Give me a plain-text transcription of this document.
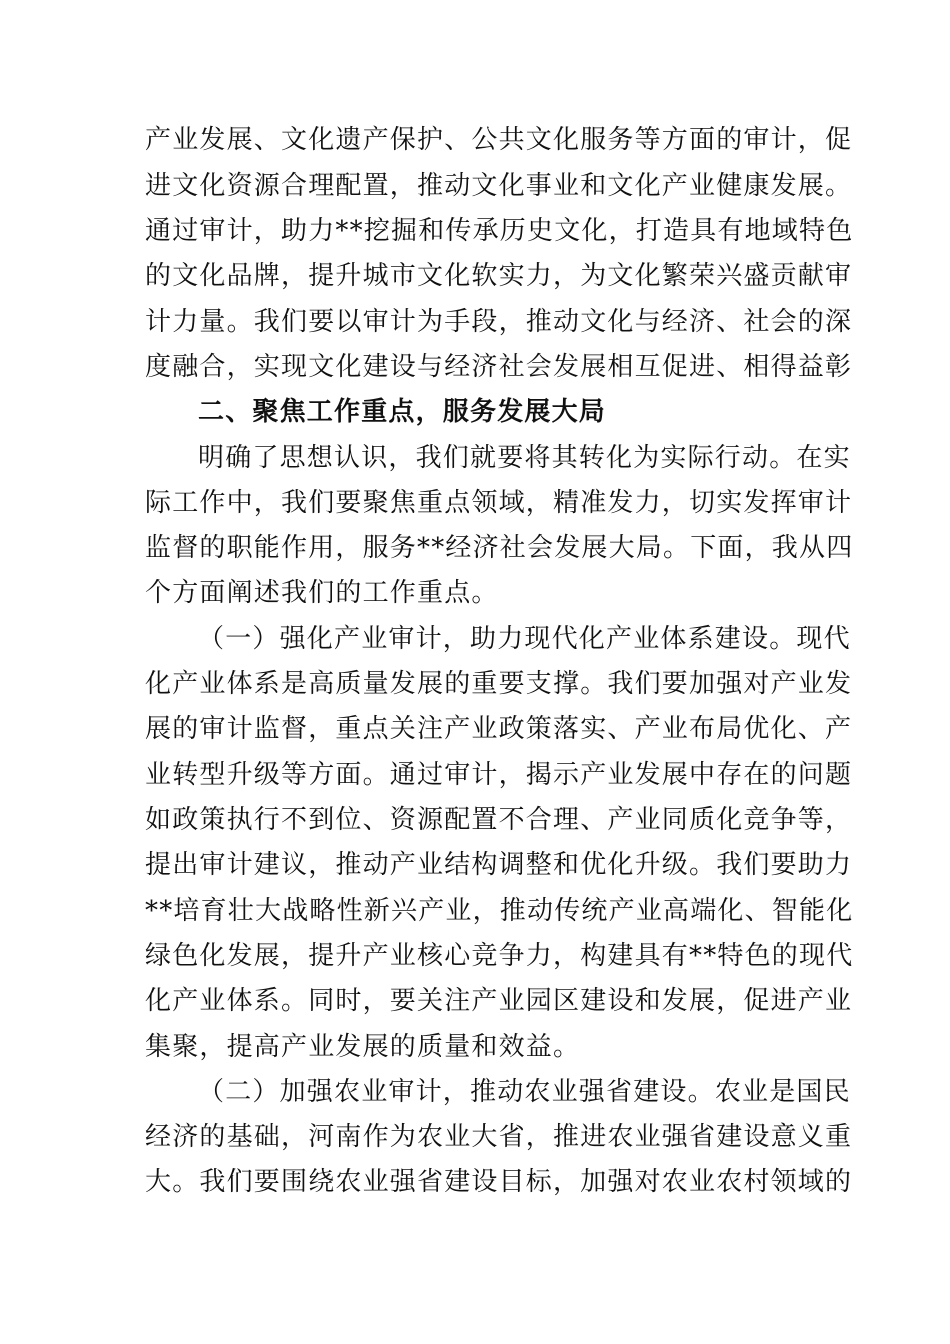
产业发展、文化遗产保护、公共文化服务等方面的审计，促
进文化资源合理配置，推动文化事业和文化产业健康发展。
通过审计，助力**挖掘和传承历史文化，打造具有地域特色
的文化品牌，提升城市文化软实力，为文化繁荣兴盛贡献审
计力量。我们要以审计为手段，推动文化与经济、社会的深
度融合，实现文化建设与经济社会发展相互促进、相得益彰
二、聚焦工作重点，服务发展大局
明确了思想认识，我们就要将其转化为实际行动。在实
际工作中，我们要聚焦重点领域，精准发力，切实发挥审计
监督的职能作用，服务**经济社会发展大局。下面，我从四
个方面阐述我们的工作重点。
（一）强化产业审计，助力现代化产业体系建设。现代
化产业体系是高质量发展的重要支撑。我们要加强对产业发
展的审计监督，重点关注产业政策落实、产业布局优化、产
业转型升级等方面。通过审计，揭示产业发展中存在的问题
如政策执行不到位、资源配置不合理、产业同质化竞争等，
提出审计建议，推动产业结构调整和优化升级。我们要助力
**培育壮大战略性新兴产业，推动传统产业高端化、智能化
绿色化发展，提升产业核心竞争力，构建具有**特色的现代
化产业体系。同时，要关注产业园区建设和发展，促进产业
集聚，提高产业发展的质量和效益。
（二）加强农业审计，推动农业强省建设。农业是国民
经济的基础，河南作为农业大省，推进农业强省建设意义重
大。我们要围绕农业强省建设目标，加强对农业农村领域的
